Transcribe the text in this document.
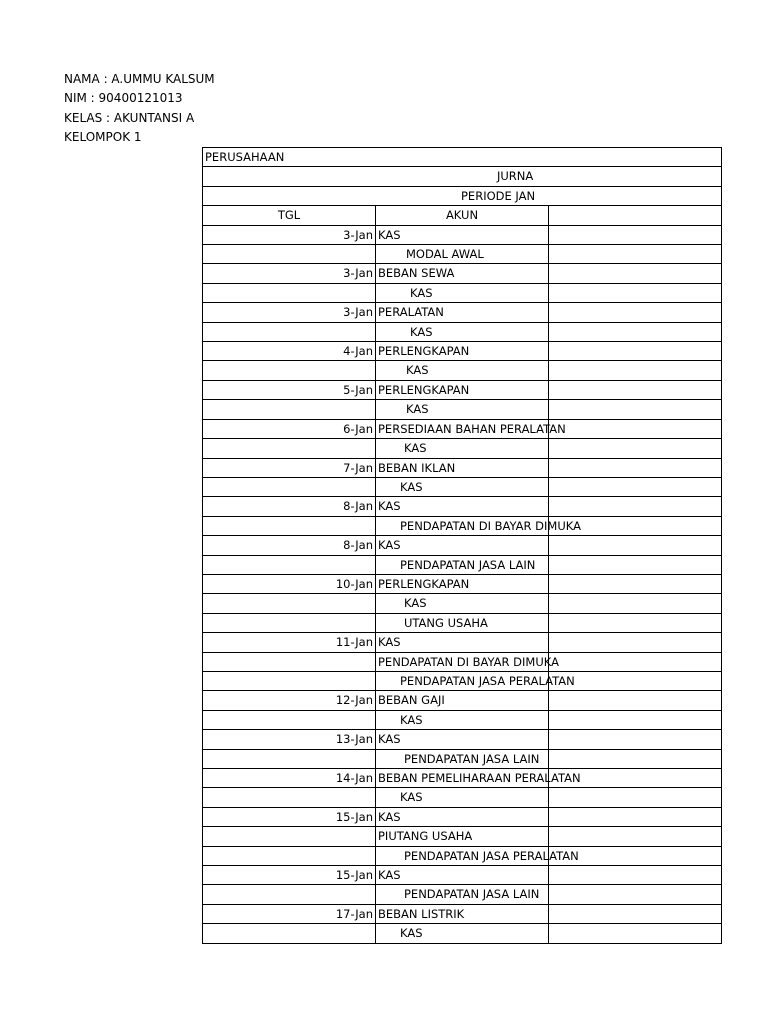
NAMA : A.UMMU KALSUM
NIM : 90400121013
KELAS : AKUNTANSI A
KELOMPOK 1
PERUSAHAAN		
JURNA		
PERIODE JAN		
TGL	AKUN	
3-Jan	KAS	
	MODAL AWAL	
3-Jan	BEBAN SEWA	
	KAS	
3-Jan	PERALATAN	
	KAS	
4-Jan	PERLENGKAPAN	
	KAS	
5-Jan	PERLENGKAPAN	
	KAS	
6-Jan	PERSEDIAAN BAHAN PERALATAN	
	KAS	
7-Jan	BEBAN IKLAN	
	KAS	
8-Jan	KAS	
	PENDAPATAN DI BAYAR DIMUKA	
8-Jan	KAS	
	PENDAPATAN JASA LAIN	
10-Jan	PERLENGKAPAN	
	KAS	
	UTANG USAHA	
11-Jan	KAS	
	PENDAPATAN DI BAYAR DIMUKA	
	PENDAPATAN JASA PERALATAN	
12-Jan	BEBAN GAJI	
	KAS	
13-Jan	KAS	
	PENDAPATAN JASA LAIN	
14-Jan	BEBAN PEMELIHARAAN PERALATAN	
	KAS	
15-Jan	KAS	
	PIUTANG USAHA	
	PENDAPATAN JASA PERALATAN	
15-Jan	KAS	
	PENDAPATAN JASA LAIN	
17-Jan	BEBAN LISTRIK	
	KAS	
